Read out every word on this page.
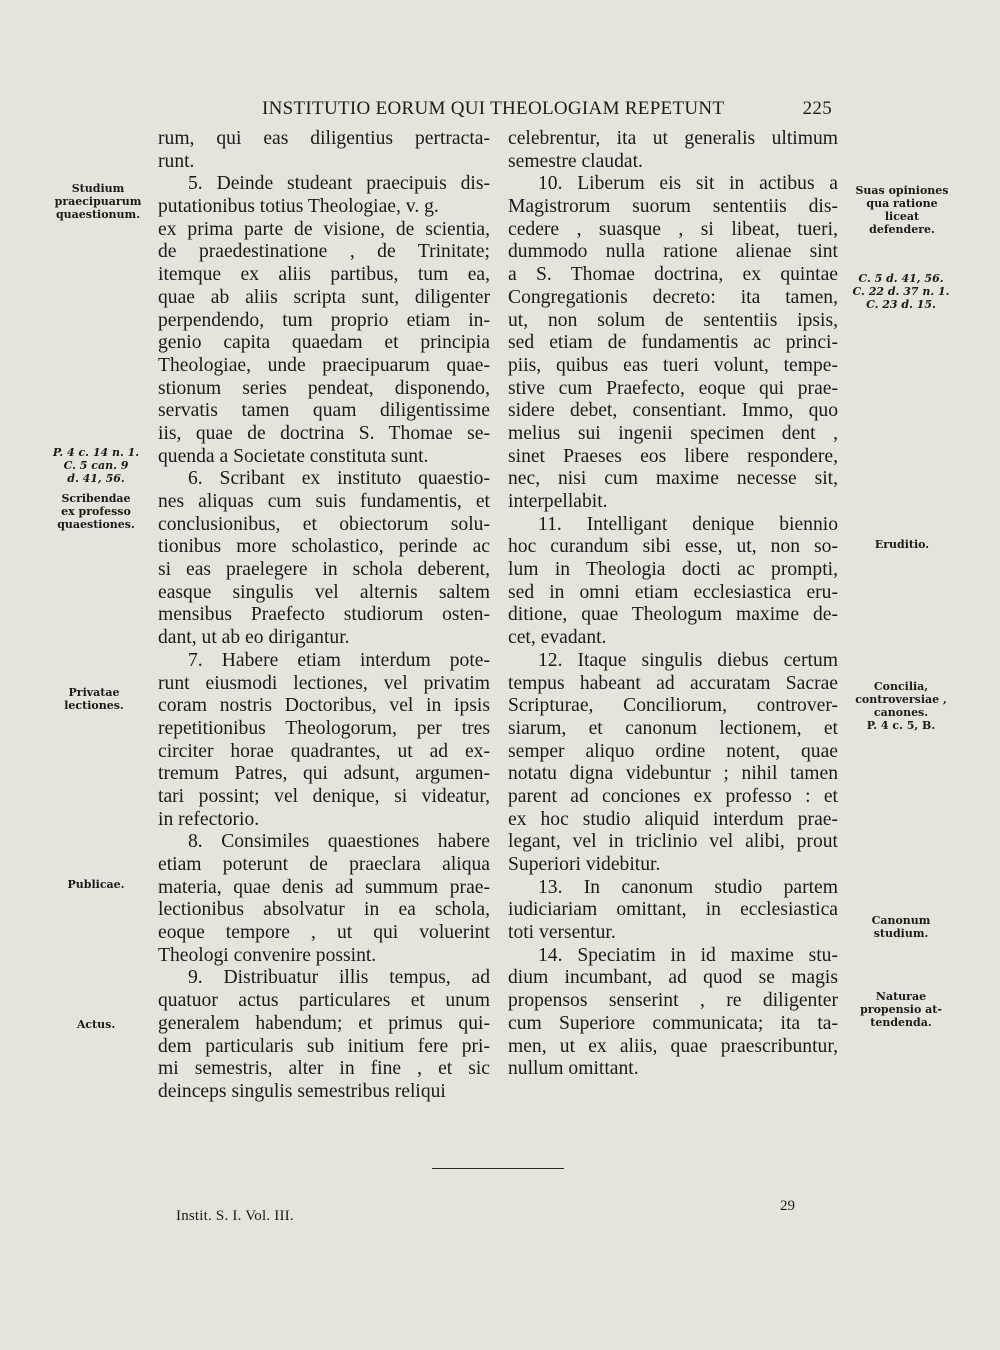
INSTITUTIO EORUM QUI THEOLOGIAM REPETUNT	225
rum, qui eas diligentius pertracta-
runt.
5. Deinde studeant praecipuis dis-
putationibus totius Theologiae, v. g.
ex prima parte de visione, de scientia,
de praedestinatione , de Trinitate;
itemque ex aliis partibus, tum ea,
quae ab aliis scripta sunt, diligenter
perpendendo, tum proprio etiam in-
genio capita quaedam et principia
Theologiae, unde praecipuarum quae-
stionum series pendeat, disponendo,
servatis tamen quam diligentissime
iis, quae de doctrina S. Thomae se-
quenda a Societate constituta sunt.
6. Scribant ex instituto quaestio-
nes aliquas cum suis fundamentis, et
conclusionibus, et obiectorum solu-
tionibus more scholastico, perinde ac
si eas praelegere in schola deberent,
easque singulis vel alternis saltem
mensibus Praefecto studiorum osten-
dant, ut ab eo dirigantur.
7. Habere etiam interdum pote-
runt eiusmodi lectiones, vel privatim
coram nostris Doctoribus, vel in ipsis
repetitionibus Theologorum, per tres
circiter horae quadrantes, ut ad ex-
tremum Patres, qui adsunt, argumen-
tari possint; vel denique, si videatur,
in refectorio.
8. Consimiles quaestiones habere
etiam poterunt de praeclara aliqua
materia, quae denis ad summum prae-
lectionibus absolvatur in ea schola,
eoque tempore , ut qui voluerint
Theologi convenire possint.
9. Distribuatur illis tempus, ad
quatuor actus particulares et unum
generalem habendum; et primus qui-
dem particularis sub initium fere pri-
mi semestris, alter in fine , et sic
deinceps singulis semestribus reliqui
celebrentur, ita ut generalis ultimum
semestre claudat.
10. Liberum eis sit in actibus a
Magistrorum suorum sententiis dis-
cedere , suasque , si libeat, tueri,
dummodo nulla ratione alienae sint
a S. Thomae doctrina, ex quintae
Congregationis decreto: ita tamen,
ut, non solum de sententiis ipsis,
sed etiam de fundamentis ac princi-
piis, quibus eas tueri volunt, tempe-
stive cum Praefecto, eoque qui prae-
sidere debet, consentiant. Immo, quo
melius sui ingenii specimen dent ,
sinet Praeses eos libere respondere,
nec, nisi cum maxime necesse sit,
interpellabit.
11. Intelligant denique biennio
hoc curandum sibi esse, ut, non so-
lum in Theologia docti ac prompti,
sed in omni etiam ecclesiastica eru-
ditione, quae Theologum maxime de-
cet, evadant.
12. Itaque singulis diebus certum
tempus habeant ad accuratam Sacrae
Scripturae, Conciliorum, controver-
siarum, et canonum lectionem, et
semper aliquo ordine notent, quae
notatu digna videbuntur ; nihil tamen
parent ad conciones ex professo : et
ex hoc studio aliquid interdum prae-
legant, vel in triclinio vel alibi, prout
Superiori videbitur.
13. In canonum studio partem
iudiciariam omittant, in ecclesiastica
toti versentur.
14. Speciatim in id maxime stu-
dium incumbant, ad quod se magis
propensos senserint , re diligenter
cum Superiore communicata; ita ta-
men, ut ex aliis, quae praescribuntur,
nullum omittant.
Studium
praecipuarum
quaestionum.
P. 4 c. 14 n. 1.
C. 5 can. 9
d. 41, 56.
Scribendae
ex professo
quaestiones.
Privatae
lectiones.
Publicae.
Actus.
Suas opiniones
qua ratione
liceat
defendere.
C. 5 d. 41, 56.
C. 22 d. 37 n. 1.
C. 23 d. 15.
Eruditio.
Concilia,
controversiae ,
canones.
P. 4 c. 5, B.
Canonum
studium.
Naturae
propensio at-
tendenda.
Instit. S. I. Vol. III.
29
